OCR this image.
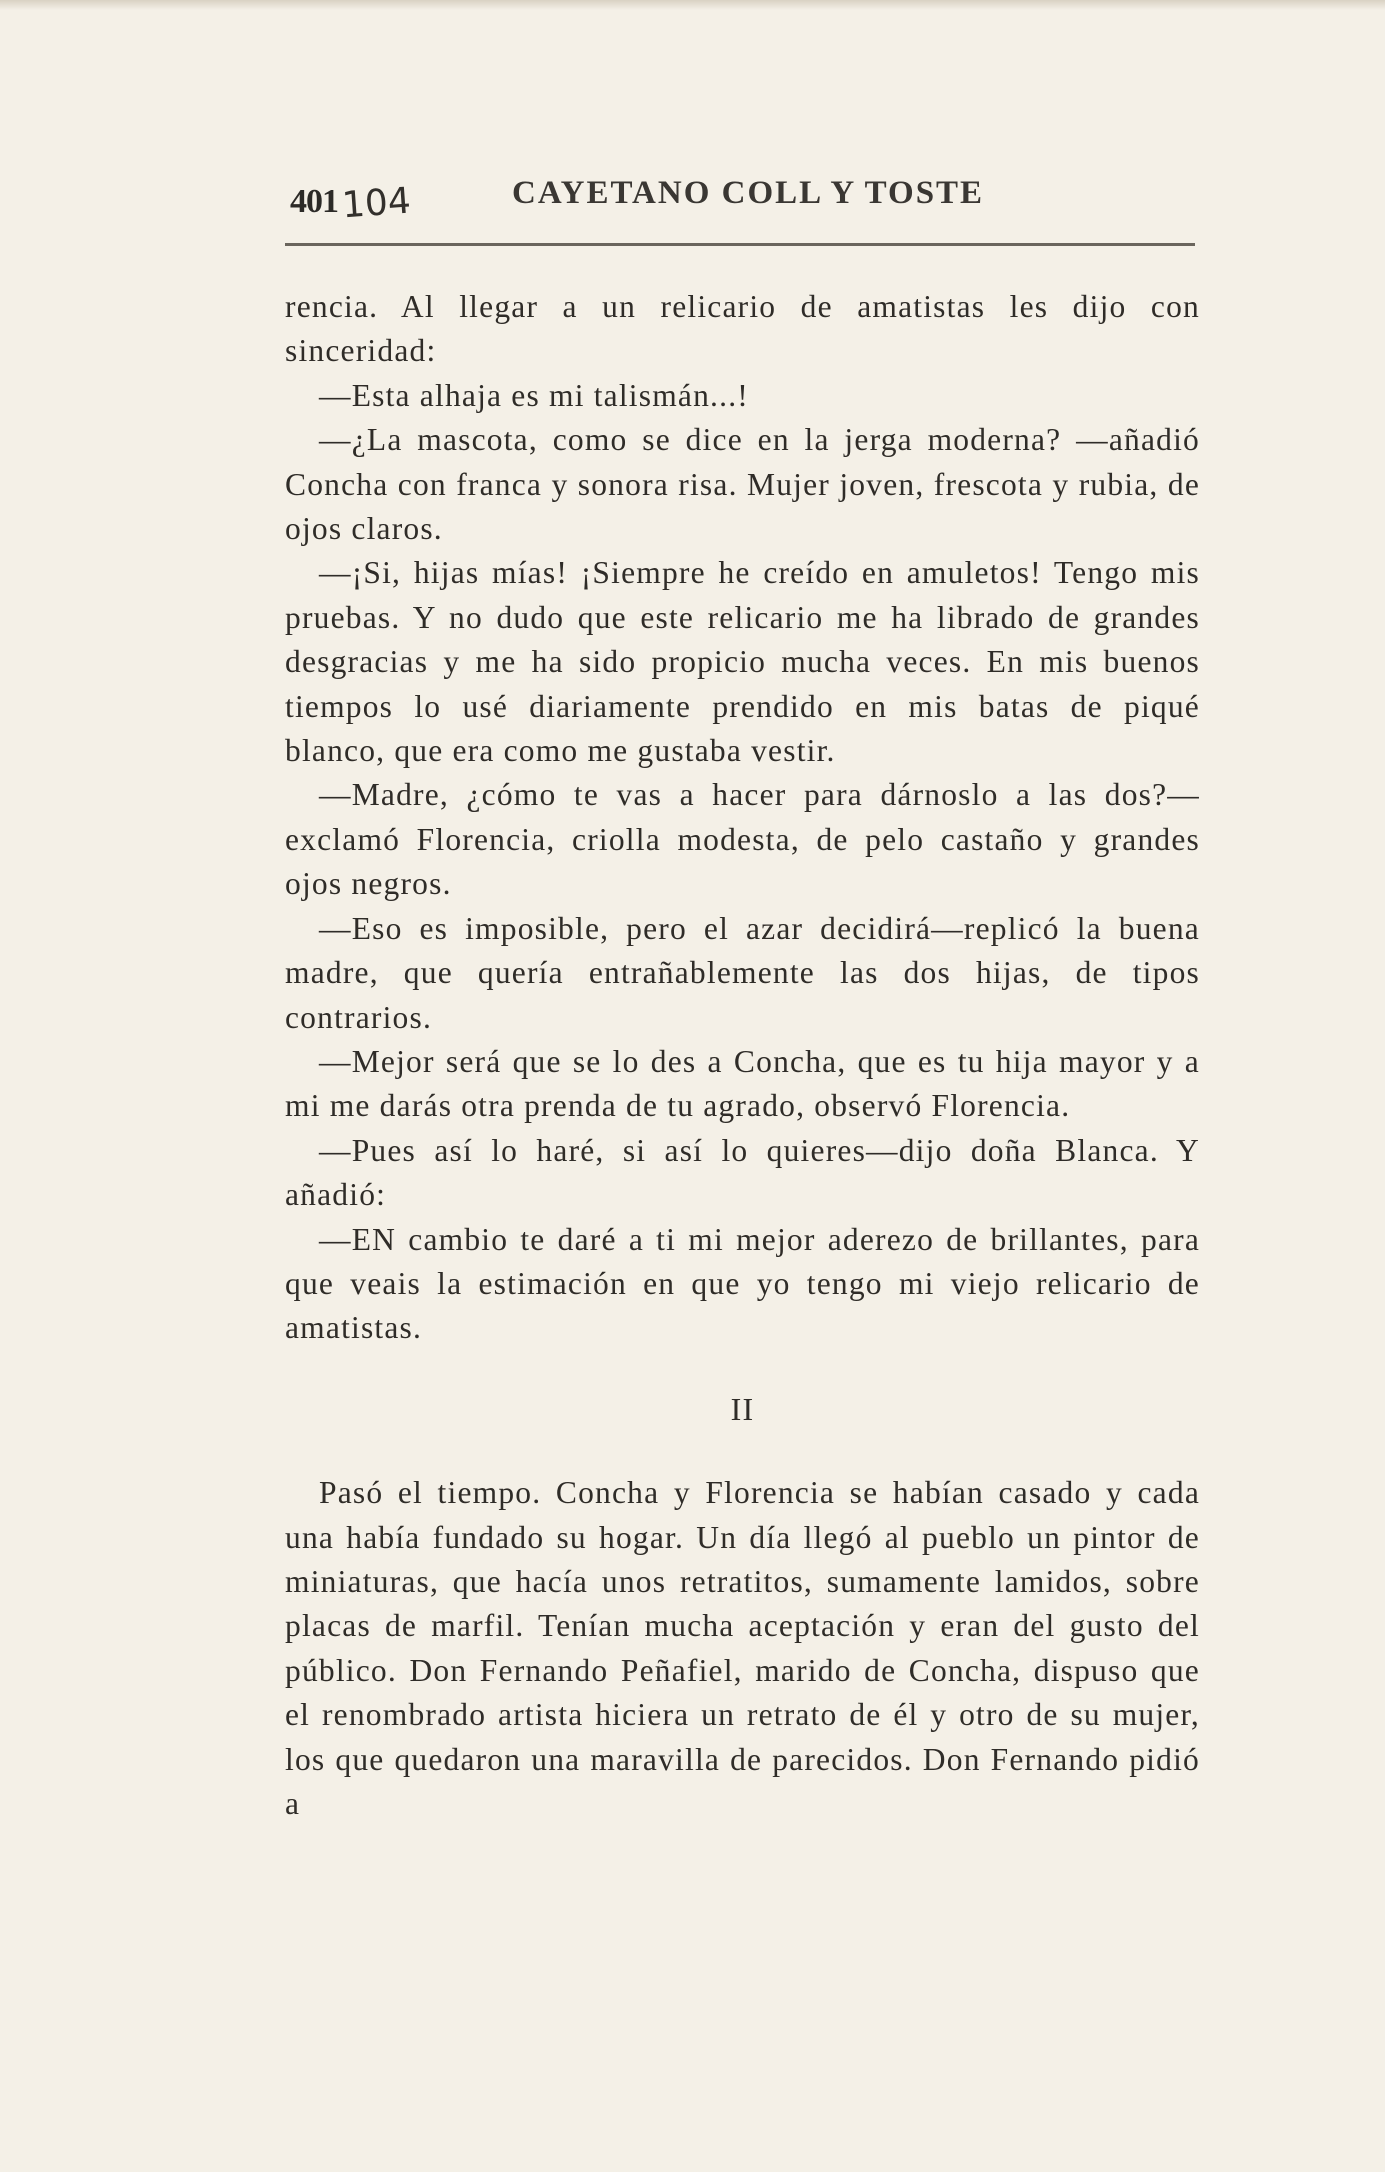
401 104	CAYETANO COLL Y TOSTE

rencia. Al llegar a un relicario de amatistas les dijo con sinceridad:

—Esta alhaja es mi talismán...!

—¿La mascota, como se dice en la jerga moderna? —añadió Concha con franca y sonora risa. Mujer joven, frescota y rubia, de ojos claros.

—¡Si, hijas mías! ¡Siempre he creído en amuletos! Tengo mis pruebas. Y no dudo que este relicario me ha librado de grandes desgracias y me ha sido propicio mucha veces. En mis buenos tiempos lo usé diariamente prendido en mis batas de piqué blanco, que era como me gustaba vestir.

—Madre, ¿cómo te vas a hacer para dárnoslo a las dos?—exclamó Florencia, criolla modesta, de pelo castaño y grandes ojos negros.

—Eso es imposible, pero el azar decidirá—replicó la buena madre, que quería entrañablemente las dos hijas, de tipos contrarios.

—Mejor será que se lo des a Concha, que es tu hija mayor y a mi me darás otra prenda de tu agrado, observó Florencia.

—Pues así lo haré, si así lo quieres—dijo doña Blanca. Y añadió:

—EN cambio te daré a ti mi mejor aderezo de brillantes, para que veais la estimación en que yo tengo mi viejo relicario de amatistas.

II

Pasó el tiempo. Concha y Florencia se habían casado y cada una había fundado su hogar. Un día llegó al pueblo un pintor de miniaturas, que hacía unos retratitos, sumamente lamidos, sobre placas de marfil. Tenían mucha aceptación y eran del gusto del público. Don Fernando Peñafiel, marido de Concha, dispuso que el renombrado artista hiciera un retrato de él y otro de su mujer, los que quedaron una maravilla de parecidos. Don Fernando pidió a
